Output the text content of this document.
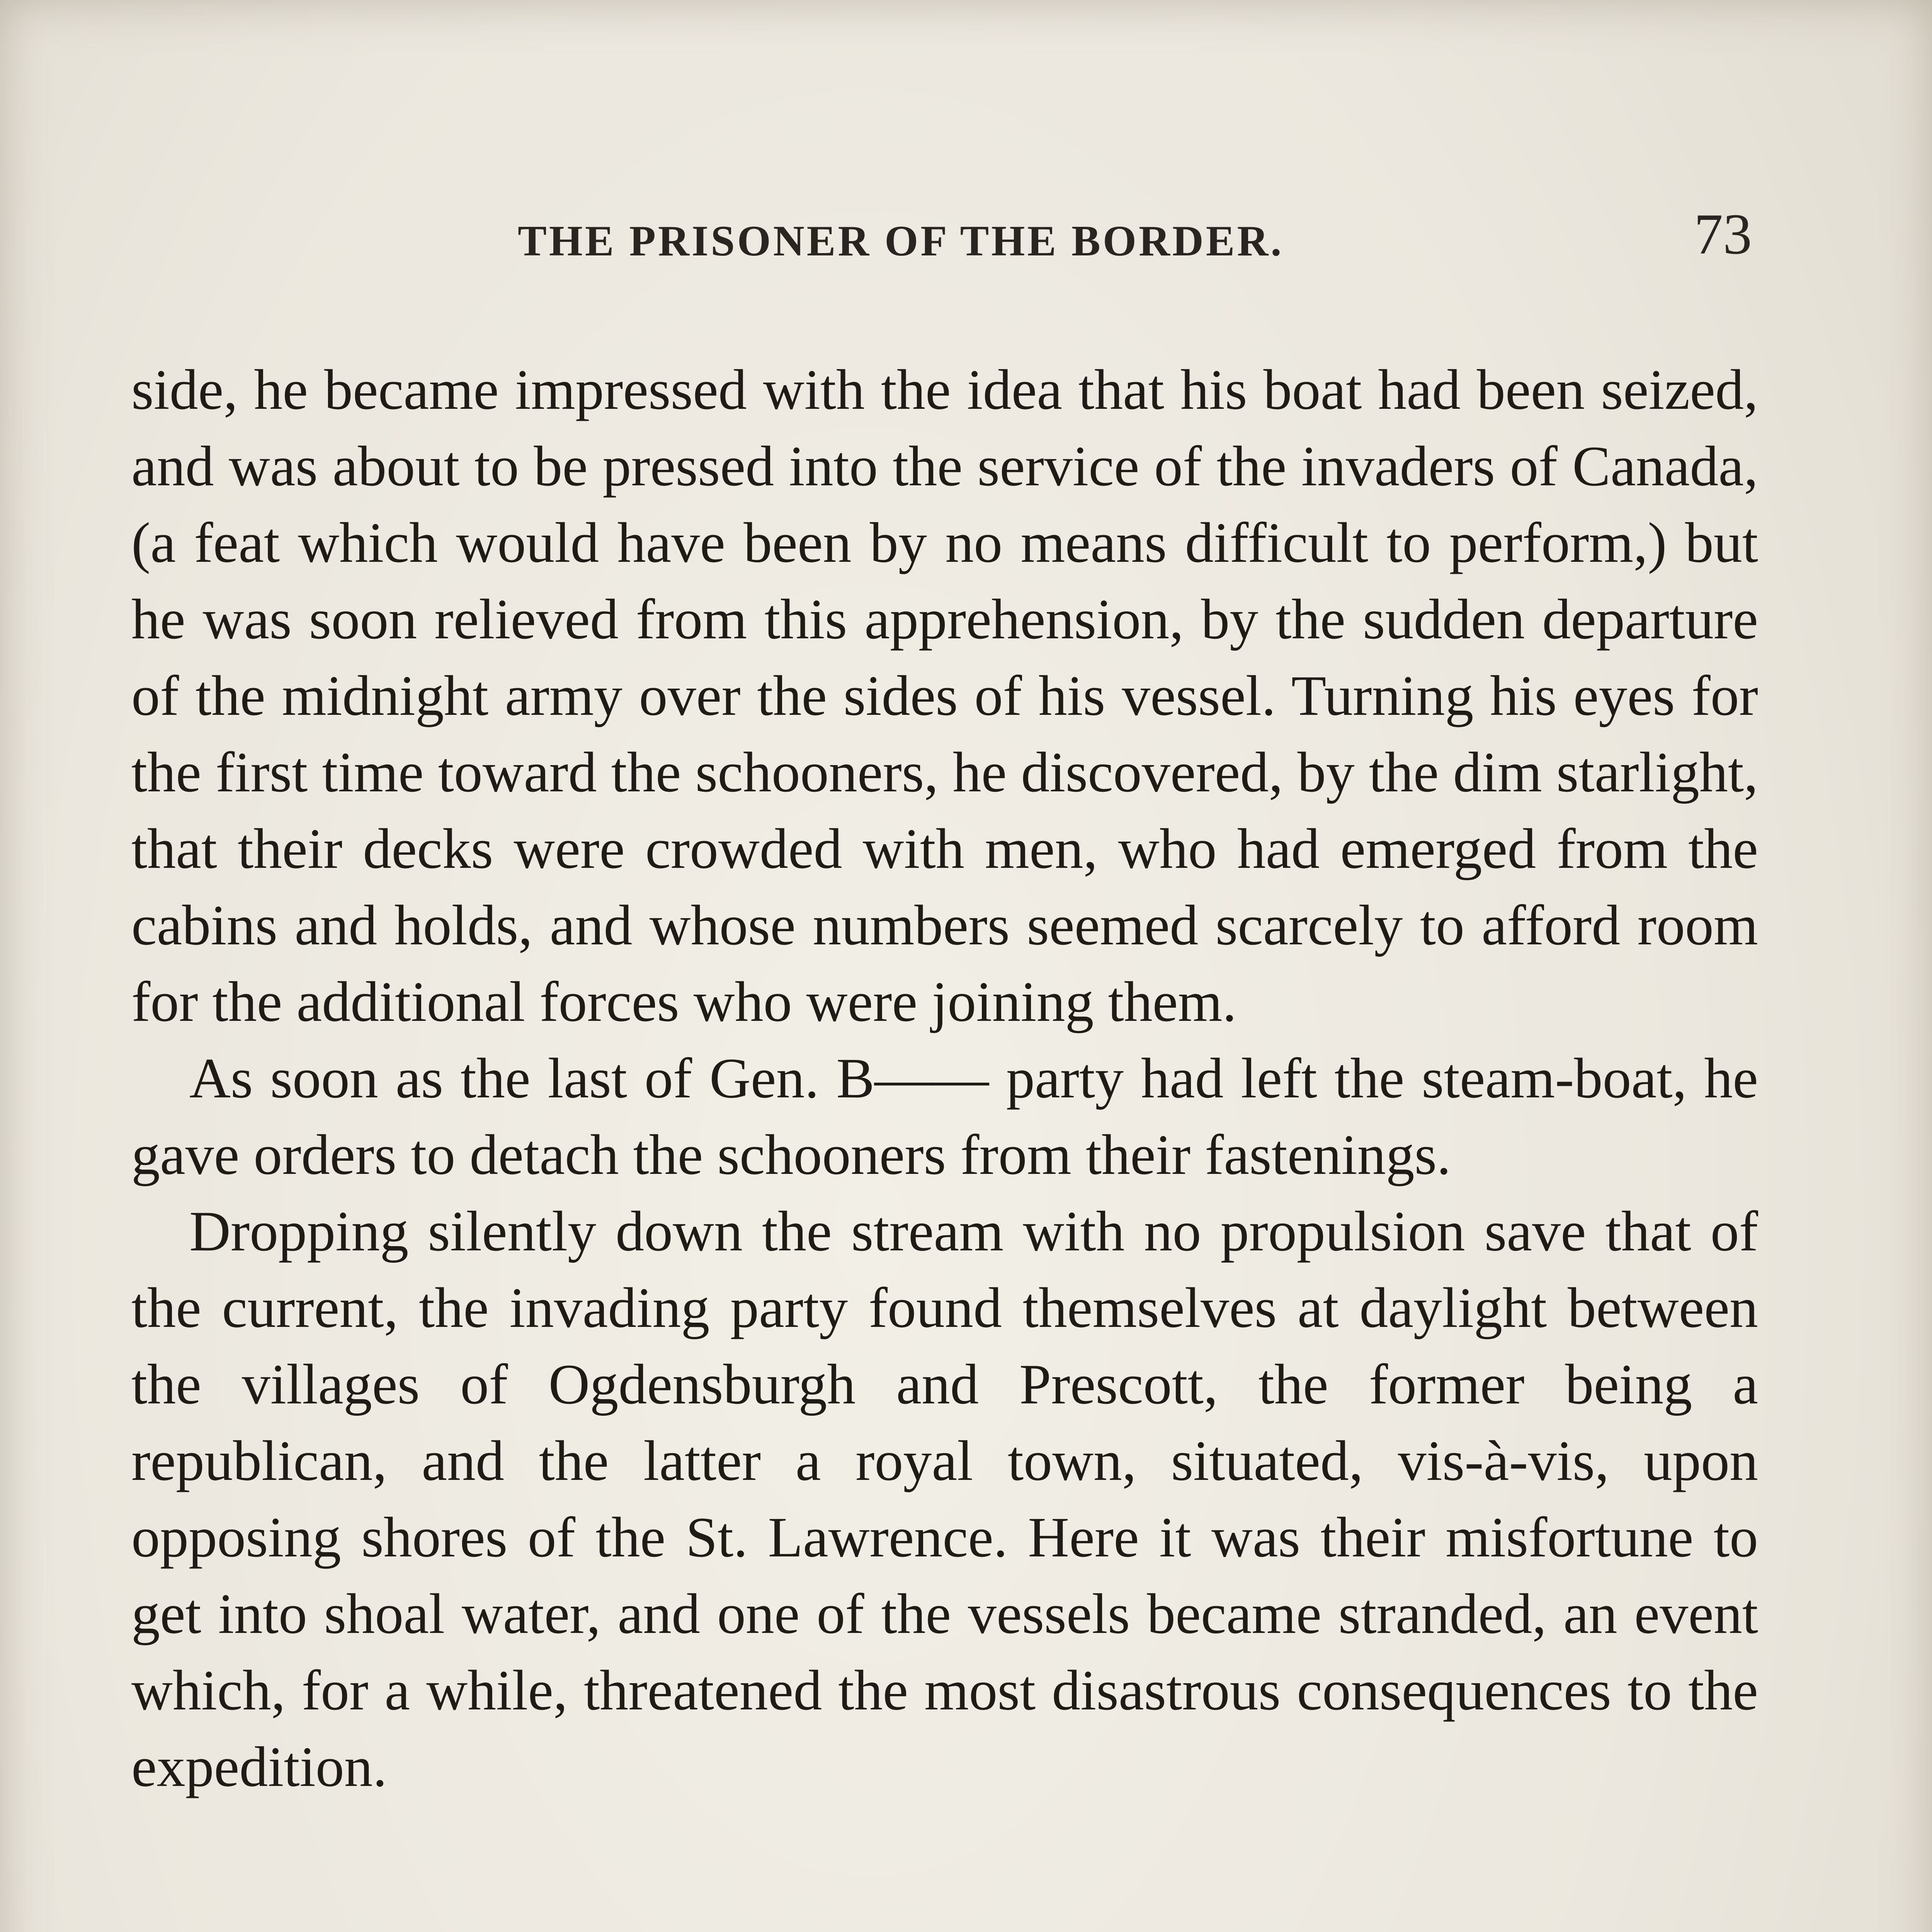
THE PRISONER OF THE BORDER.	73

side, he became impressed with the idea that his boat had been seized, and was about to be pressed into the service of the invaders of Canada, (a feat which would have been by no means difficult to perform,) but he was soon relieved from this apprehension, by the sudden departure of the midnight army over the sides of his vessel. Turning his eyes for the first time toward the schooners, he discovered, by the dim starlight, that their decks were crowded with men, who had emerged from the cabins and holds, and whose numbers seemed scarcely to afford room for the additional forces who were joining them.

As soon as the last of Gen. B—— party had left the steam-boat, he gave orders to detach the schooners from their fastenings.

Dropping silently down the stream with no propulsion save that of the current, the invading party found themselves at daylight between the villages of Ogdensburgh and Prescott, the former being a republican, and the latter a royal town, situated, vis-à-vis, upon opposing shores of the St. Lawrence. Here it was their misfortune to get into shoal water, and one of the vessels became stranded, an event which, for a while, threatened the most disastrous consequences to the expedition.
